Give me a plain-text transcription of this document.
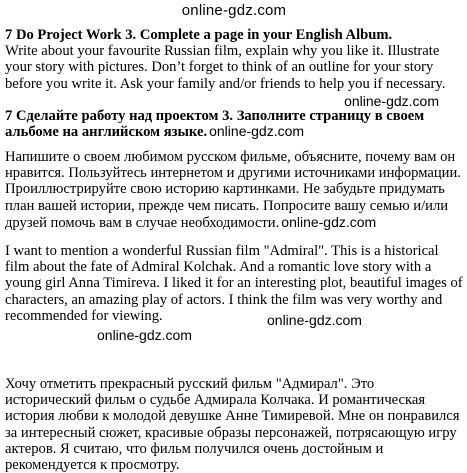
online-gdz.com

7 Do Project Work 3. Complete a page in your English Album.

Write about your favourite Russian film, explain why you like it. Illustrate your story with pictures. Don’t forget to think of an outline for your story before you write it. Ask your family and/or friends to help you if necessary.

online-gdz.com

7 Сделайте работу над проектом 3. Заполните страницу в своем альбоме на английском языке. online-gdz.com

Напишите о своем любимом русском фильме, объясните, почему вам он нравится. Пользуйтесь интернетом и другими источниками информации. Проиллюстрируйте свою историю картинками. Не забудьте придумать план вашей истории, прежде чем писать. Попросите вашу семью и/или друзей помочь вам в случае необходимости. online-gdz.com

I want to mention a wonderful Russian film "Admiral". This is a historical film about the fate of Admiral Kolchak. And a romantic love story with a young girl Anna Timireva. I liked it for an interesting plot, beautiful images of characters, an amazing play of actors. I think the film was very worthy and recommended for viewing.

online-gdz.com
online-gdz.com

Хочу отметить прекрасный русский фильм "Адмирал". Это исторический фильм о судьбе Адмирала Колчака. И романтическая история любви к молодой девушке Анне Тимиревой. Мне он понравился за интересный сюжет, красивые образы персонажей, потрясающую игру актеров. Я считаю, что фильм получился очень достойным и рекомендуется к просмотру.
